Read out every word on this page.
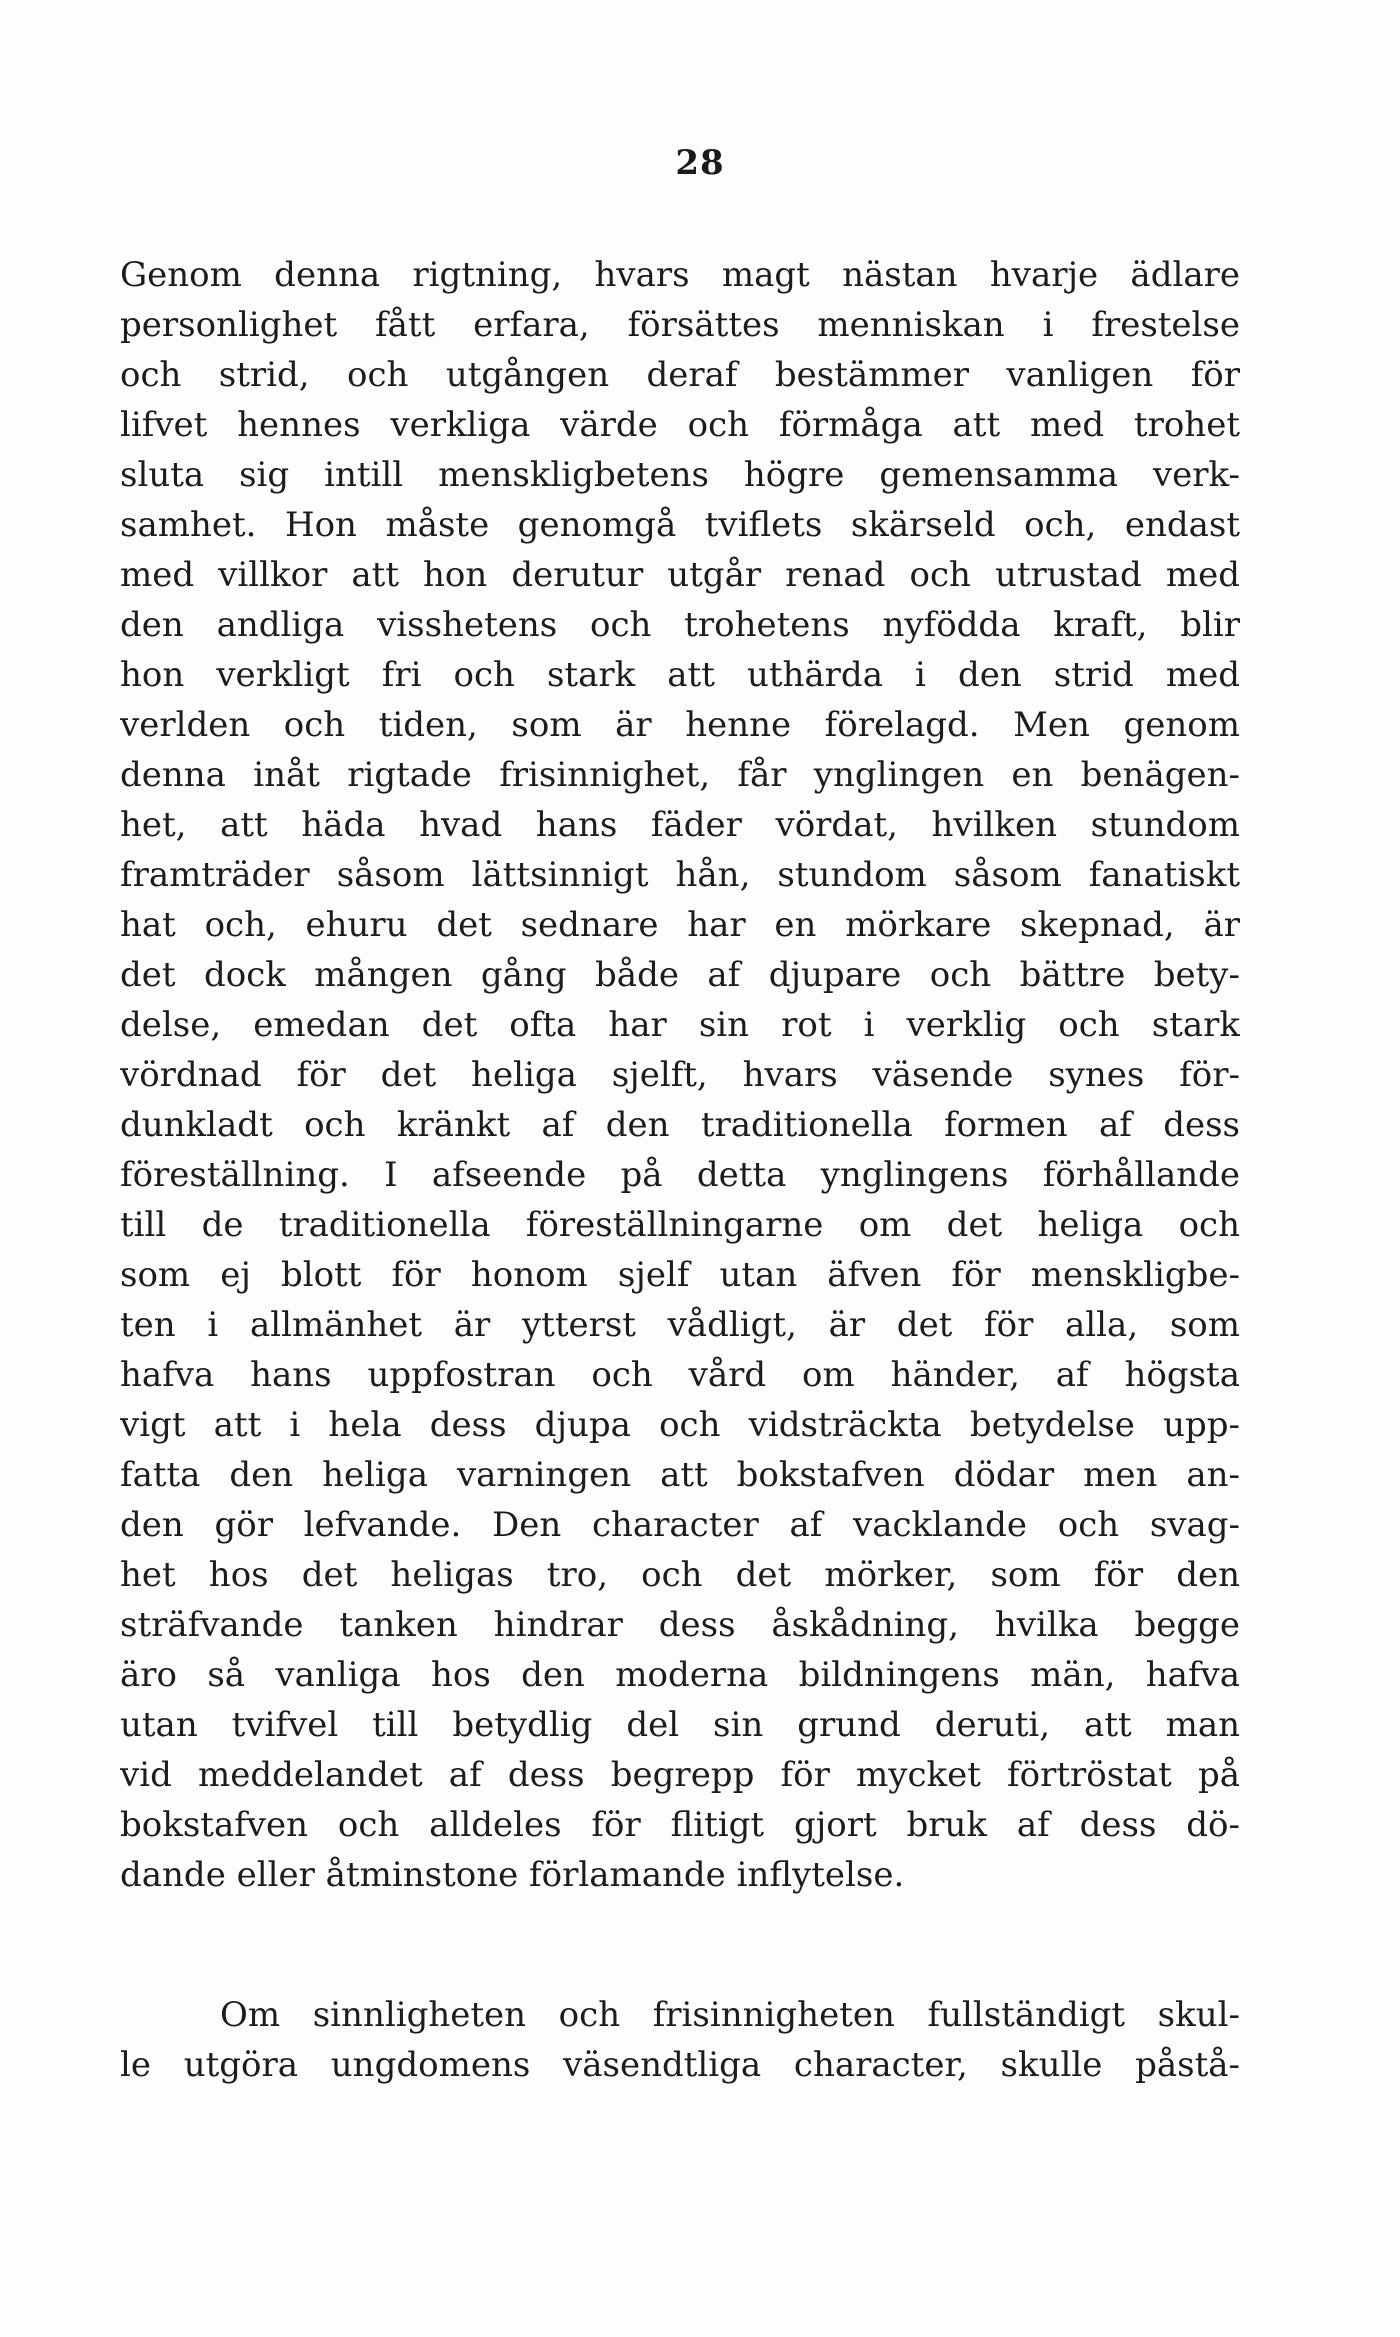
28
Genom denna rigtning, hvars magt nästan hvarje ädlare
personlighet fått erfara, försättes menniskan i frestelse
och strid, och utgången deraf bestämmer vanligen för
lifvet hennes verkliga värde och förmåga att med trohet
sluta sig intill menskligbetens högre gemensamma verk-
samhet. Hon måste genomgå tviflets skärseld och, endast
med villkor att hon derutur utgår renad och utrustad med
den andliga visshetens och trohetens nyfödda kraft, blir
hon verkligt fri och stark att uthärda i den strid med
verlden och tiden, som är henne förelagd. Men genom
denna inåt rigtade frisinnighet, får ynglingen en benägen-
het, att häda hvad hans fäder vördat, hvilken stundom
framträder såsom lättsinnigt hån, stundom såsom fanatiskt
hat och, ehuru det sednare har en mörkare skepnad, är
det dock mången gång både af djupare och bättre bety-
delse, emedan det ofta har sin rot i verklig och stark
vördnad för det heliga sjelft, hvars väsende synes för-
dunkladt och kränkt af den traditionella formen af dess
föreställning. I afseende på detta ynglingens förhållande
till de traditionella föreställningarne om det heliga och
som ej blott för honom sjelf utan äfven för menskligbe-
ten i allmänhet är ytterst vådligt, är det för alla, som
hafva hans uppfostran och vård om händer, af högsta
vigt att i hela dess djupa och vidsträckta betydelse upp-
fatta den heliga varningen att bokstafven dödar men an-
den gör lefvande. Den character af vacklande och svag-
het hos det heligas tro, och det mörker, som för den
sträfvande tanken hindrar dess åskådning, hvilka begge
äro så vanliga hos den moderna bildningens män, hafva
utan tvifvel till betydlig del sin grund deruti, att man
vid meddelandet af dess begrepp för mycket förtröstat på
bokstafven och alldeles för flitigt gjort bruk af dess dö-
dande eller åtminstone förlamande inflytelse.
Om sinnligheten och frisinnigheten fullständigt skul-
le utgöra ungdomens väsendtliga character, skulle påstå-
